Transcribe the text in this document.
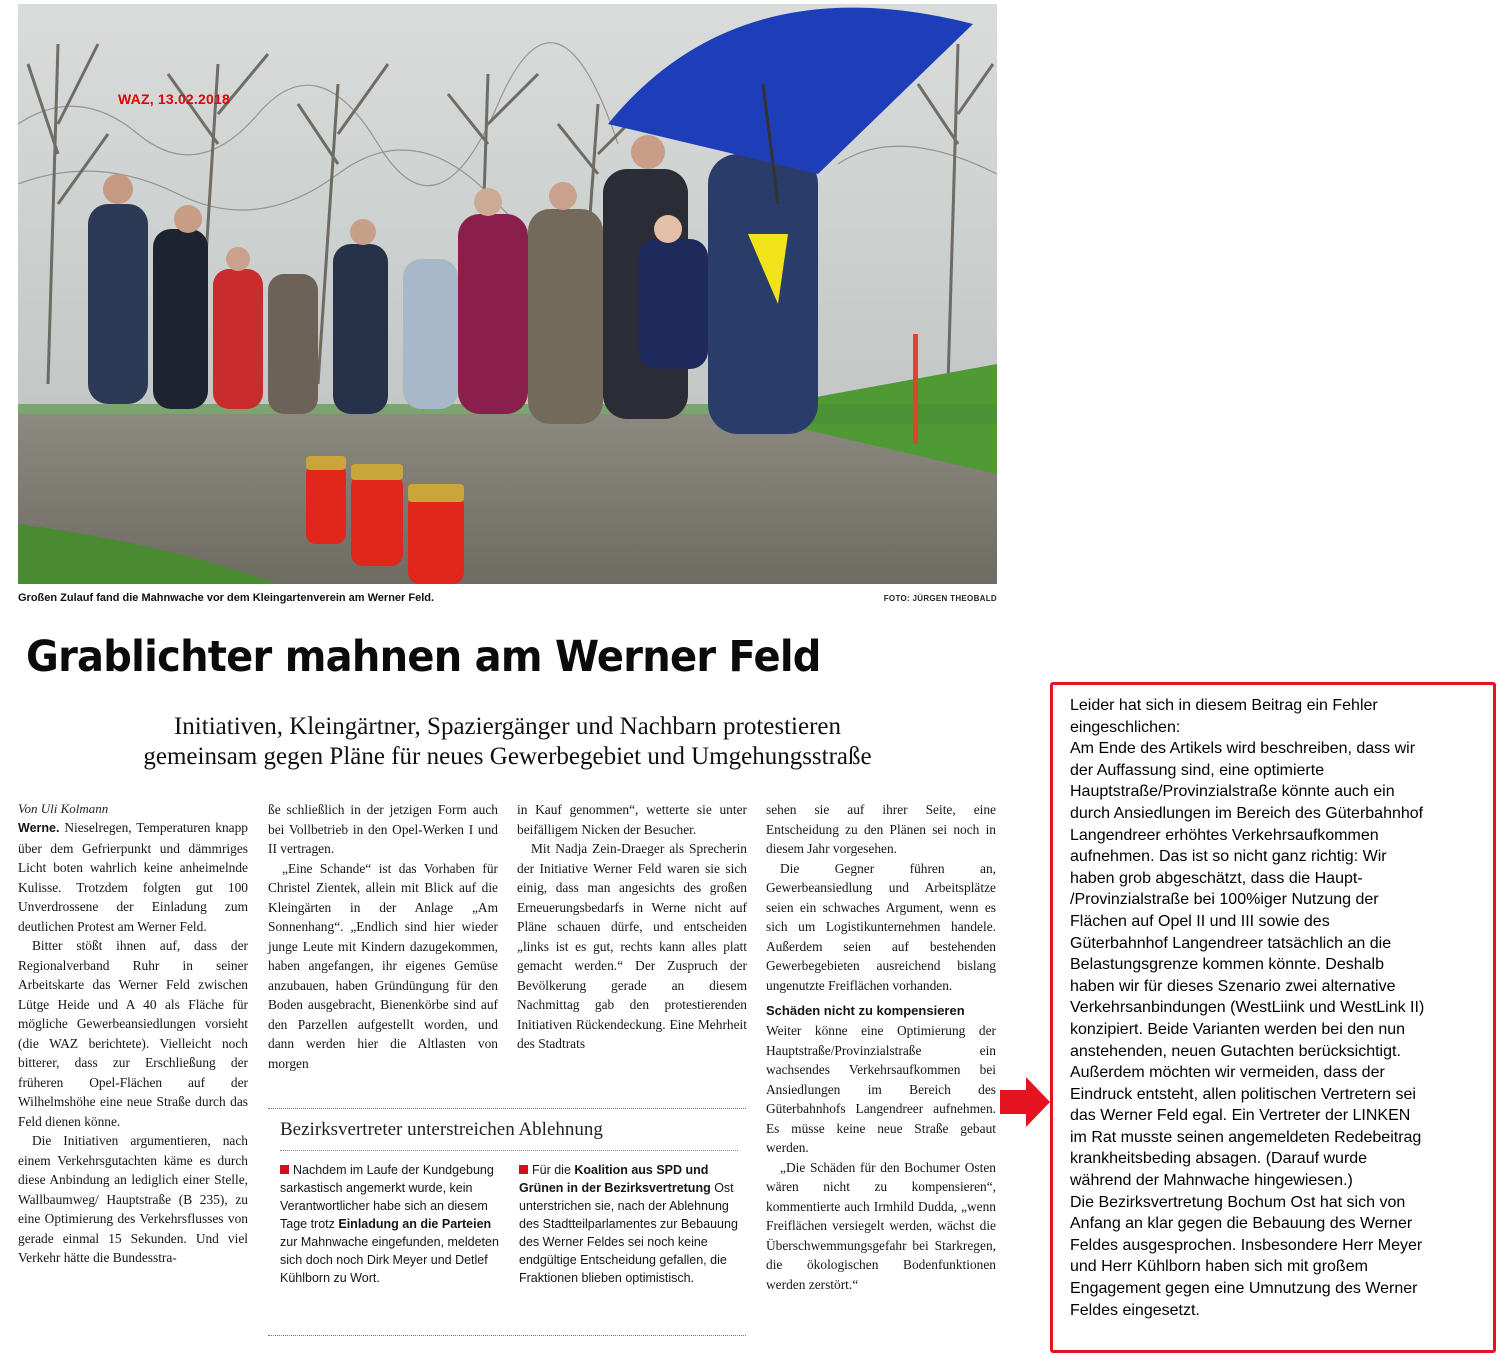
WAZ, 13.02.2018
Großen Zulauf fand die Mahnwache vor dem Kleingartenverein am Werner Feld.	FOTO: JÜRGEN THEOBALD
Grablichter mahnen am Werner Feld
Initiativen, Kleingärtner, Spaziergänger und Nachbarn protestieren
gemeinsam gegen Pläne für neues Gewerbegebiet und Umgehungsstraße
Von Uli Kolmann

Werne. Nieselregen, Temperaturen knapp über dem Gefrierpunkt und dämmriges Licht boten wahrlich keine anheimelnde Kulisse. Trotzdem folgten gut 100 Unverdrossene der Einladung zum deutlichen Protest am Werner Feld.

Bitter stößt ihnen auf, dass der Regionalverband Ruhr in seiner Arbeitskarte das Werner Feld zwischen Lütge Heide und A 40 als Fläche für mögliche Gewerbeansiedlungen vorsieht (die WAZ berichtete). Vielleicht noch bitterer, dass zur Erschließung der früheren Opel-Flächen auf der Wilhelmshöhe eine neue Straße durch das Feld dienen könne.

Die Initiativen argumentieren, nach einem Verkehrsgutachten käme es durch diese Anbindung an lediglich einer Stelle, Wallbaumweg/ Hauptstraße (B 235), zu eine Optimierung des Verkehrsflusses von gerade einmal 15 Sekunden. Und viel Verkehr hätte die Bundesstra-

ße schließlich in der jetzigen Form auch bei Vollbetrieb in den Opel-Werken I und II vertragen.

„Eine Schande“ ist das Vorhaben für Christel Zientek, allein mit Blick auf die Kleingärten in der Anlage „Am Sonnenhang“. „Endlich sind hier wieder junge Leute mit Kindern dazugekommen, haben angefangen, ihr eigenes Gemüse anzubauen, haben Gründüngung für den Boden ausgebracht, Bienenkörbe sind auf den Parzellen aufgestellt worden, und dann werden hier die Altlasten von morgen

in Kauf genommen“, wetterte sie unter beifälligem Nicken der Besucher.

Mit Nadja Zein-Draeger als Sprecherin der Initiative Werner Feld waren sie sich einig, dass man angesichts des großen Erneuerungsbedarfs in Werne nicht auf Pläne schauen dürfe, und entscheiden „links ist es gut, rechts kann alles platt gemacht werden.“ Der Zuspruch der Bevölkerung gerade an diesem Nachmittag gab den protestierenden Initiativen Rückendeckung. Eine Mehrheit des Stadtrats

sehen sie auf ihrer Seite, eine Entscheidung zu den Plänen sei noch in diesem Jahr vorgesehen.

Die Gegner führen an, Gewerbeansiedlung und Arbeitsplätze seien ein schwaches Argument, wenn es sich um Logistikunternehmen handele. Außerdem seien auf bestehenden Gewerbegebieten ausreichend bislang ungenutzte Freiflächen vorhanden.

Schäden nicht zu kompensieren

Weiter könne eine Optimierung der Hauptstraße/Provinzialstraße ein wachsendes Verkehrsaufkommen bei Ansiedlungen im Bereich des Güterbahnhofs Langendreer aufnehmen. Es müsse keine neue Straße gebaut werden.

„Die Schäden für den Bochumer Osten wären nicht zu kompensieren“, kommentierte auch Irmhild Dudda, „wenn Freiflächen versiegelt werden, wächst die Überschwemmungsgefahr bei Starkregen, die ökologischen Bodenfunktionen werden zerstört.“

Bezirksvertreter unterstreichen Ablehnung
Nachdem im Laufe der Kundgebung sarkastisch angemerkt wurde, kein Verantwortlicher habe sich an diesem Tage trotz Einladung an die Parteien zur Mahnwache eingefunden, meldeten sich doch noch Dirk Meyer und Detlef Kühlborn zu Wort.
Für die Koalition aus SPD und Grünen in der Bezirksvertretung Ost unterstrichen sie, nach der Ablehnung des Stadtteilparlamentes zur Bebauung des Werner Feldes sei noch keine endgültige Entscheidung gefallen, die Fraktionen blieben optimistisch.
Leider hat sich in diesem Beitrag ein Fehler
eingeschlichen:
Am Ende des Artikels wird beschreiben, dass wir
der Auffassung sind, eine optimierte
Hauptstraße/Provinzialstraße könnte auch ein
durch Ansiedlungen im Bereich des Güterbahnhof
Langendreer erhöhtes Verkehrsaufkommen
aufnehmen. Das ist so nicht ganz richtig: Wir
haben grob abgeschätzt, dass die Haupt-
/Provinzialstraße bei 100%iger Nutzung der
Flächen auf Opel II und III sowie des
Güterbahnhof Langendreer tatsächlich an die
Belastungsgrenze kommen könnte. Deshalb
haben wir für dieses Szenario zwei alternative
Verkehrsanbindungen (WestLiink und WestLink II)
konzipiert. Beide Varianten werden bei den nun
anstehenden, neuen Gutachten berücksichtigt.
Außerdem möchten wir vermeiden, dass der
Eindruck entsteht, allen politischen Vertretern sei
das Werner Feld egal. Ein Vertreter der LINKEN
im Rat musste seinen angemeldeten Redebeitrag
krankheitsbeding absagen. (Darauf wurde
während der Mahnwache hingewiesen.)
Die Bezirksvertretung Bochum Ost hat sich von
Anfang an klar gegen die Bebauung des Werner
Feldes ausgesprochen. Insbesondere Herr Meyer
und Herr Kühlborn haben sich mit großem
Engagement gegen eine Umnutzung des Werner
Feldes eingesetzt.
